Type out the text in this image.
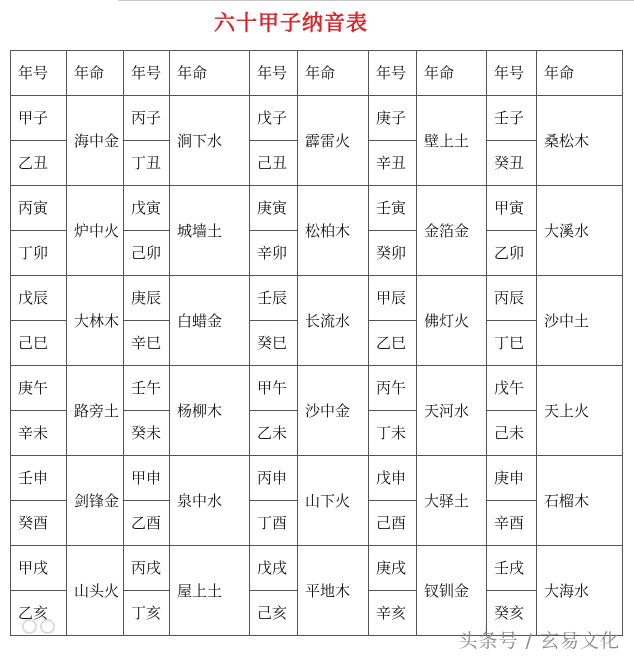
六十甲子纳音表
年号	年命	年号	年命	年号	年命	年号	年命	年号	年命
甲子	海中金	丙子	涧下水	戊子	霹雷火	庚子	壁上土	壬子	桑松木
乙丑		丁丑		己丑		辛丑		癸丑	
丙寅	炉中火	戊寅	城墙土	庚寅	松柏木	壬寅	金箔金	甲寅	大溪水
丁卯		己卯		辛卯		癸卯		乙卯	
戊辰	大林木	庚辰	白蜡金	壬辰	长流水	甲辰	佛灯火	丙辰	沙中土
己巳		辛巳		癸巳		乙巳		丁巳	
庚午	路旁土	壬午	杨柳木	甲午	沙中金	丙午	天河水	戊午	天上火
辛未		癸未		乙未		丁未		己未	
壬申	剑锋金	甲申	泉中水	丙申	山下火	戊申	大驿土	庚申	石榴木
癸酉		乙酉		丁酉		己酉		辛酉	
甲戌	山头火	丙戌	屋上土	戊戌	平地木	庚戌	钗钏金	壬戌	大海水
乙亥		丁亥		己亥		辛亥		癸亥	
头条号 / 玄易文化
